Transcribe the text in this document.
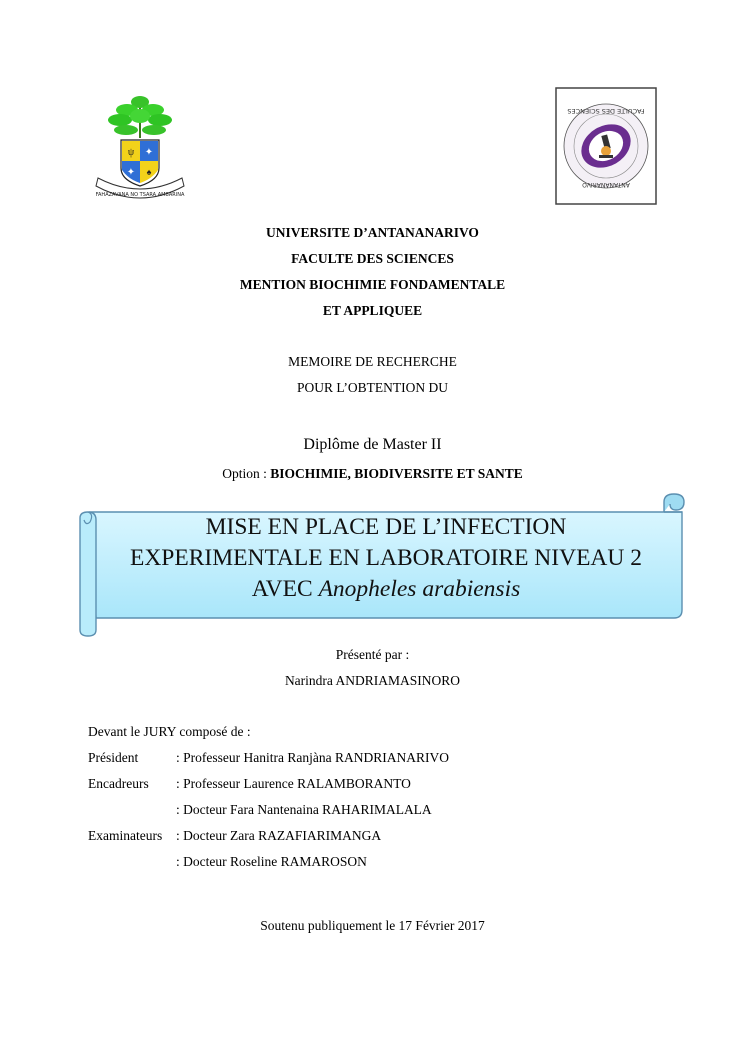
ψ ✦
✦ ♠
FAHAZAVANA NO TSARA AMBARINA
FACULTE DES SCIENCES
ANTANANARIVO
UNIVERSITE D’ANTANANARIVO
FACULTE DES SCIENCES
MENTION BIOCHIMIE FONDAMENTALE
ET APPLIQUEE
MEMOIRE DE RECHERCHE
POUR L’OBTENTION DU
Diplôme de Master II
Option : BIOCHIMIE, BIODIVERSITE ET SANTE
MISE EN PLACE DE L’INFECTION
EXPERIMENTALE EN LABORATOIRE NIVEAU 2
AVEC Anopheles arabiensis
Présenté par :
Narindra ANDRIAMASINORO
Devant le JURY composé de :
Président	: Professeur Hanitra Ranjàna RANDRIANARIVO
Encadreurs : Professeur Laurence RALAMBORANTO
: Docteur Fara Nantenaina RAHARIMALALA
Examinateurs : Docteur Zara RAZAFIARIMANGA
: Docteur Roseline RAMAROSON
Soutenu publiquement le 17 Février 2017
